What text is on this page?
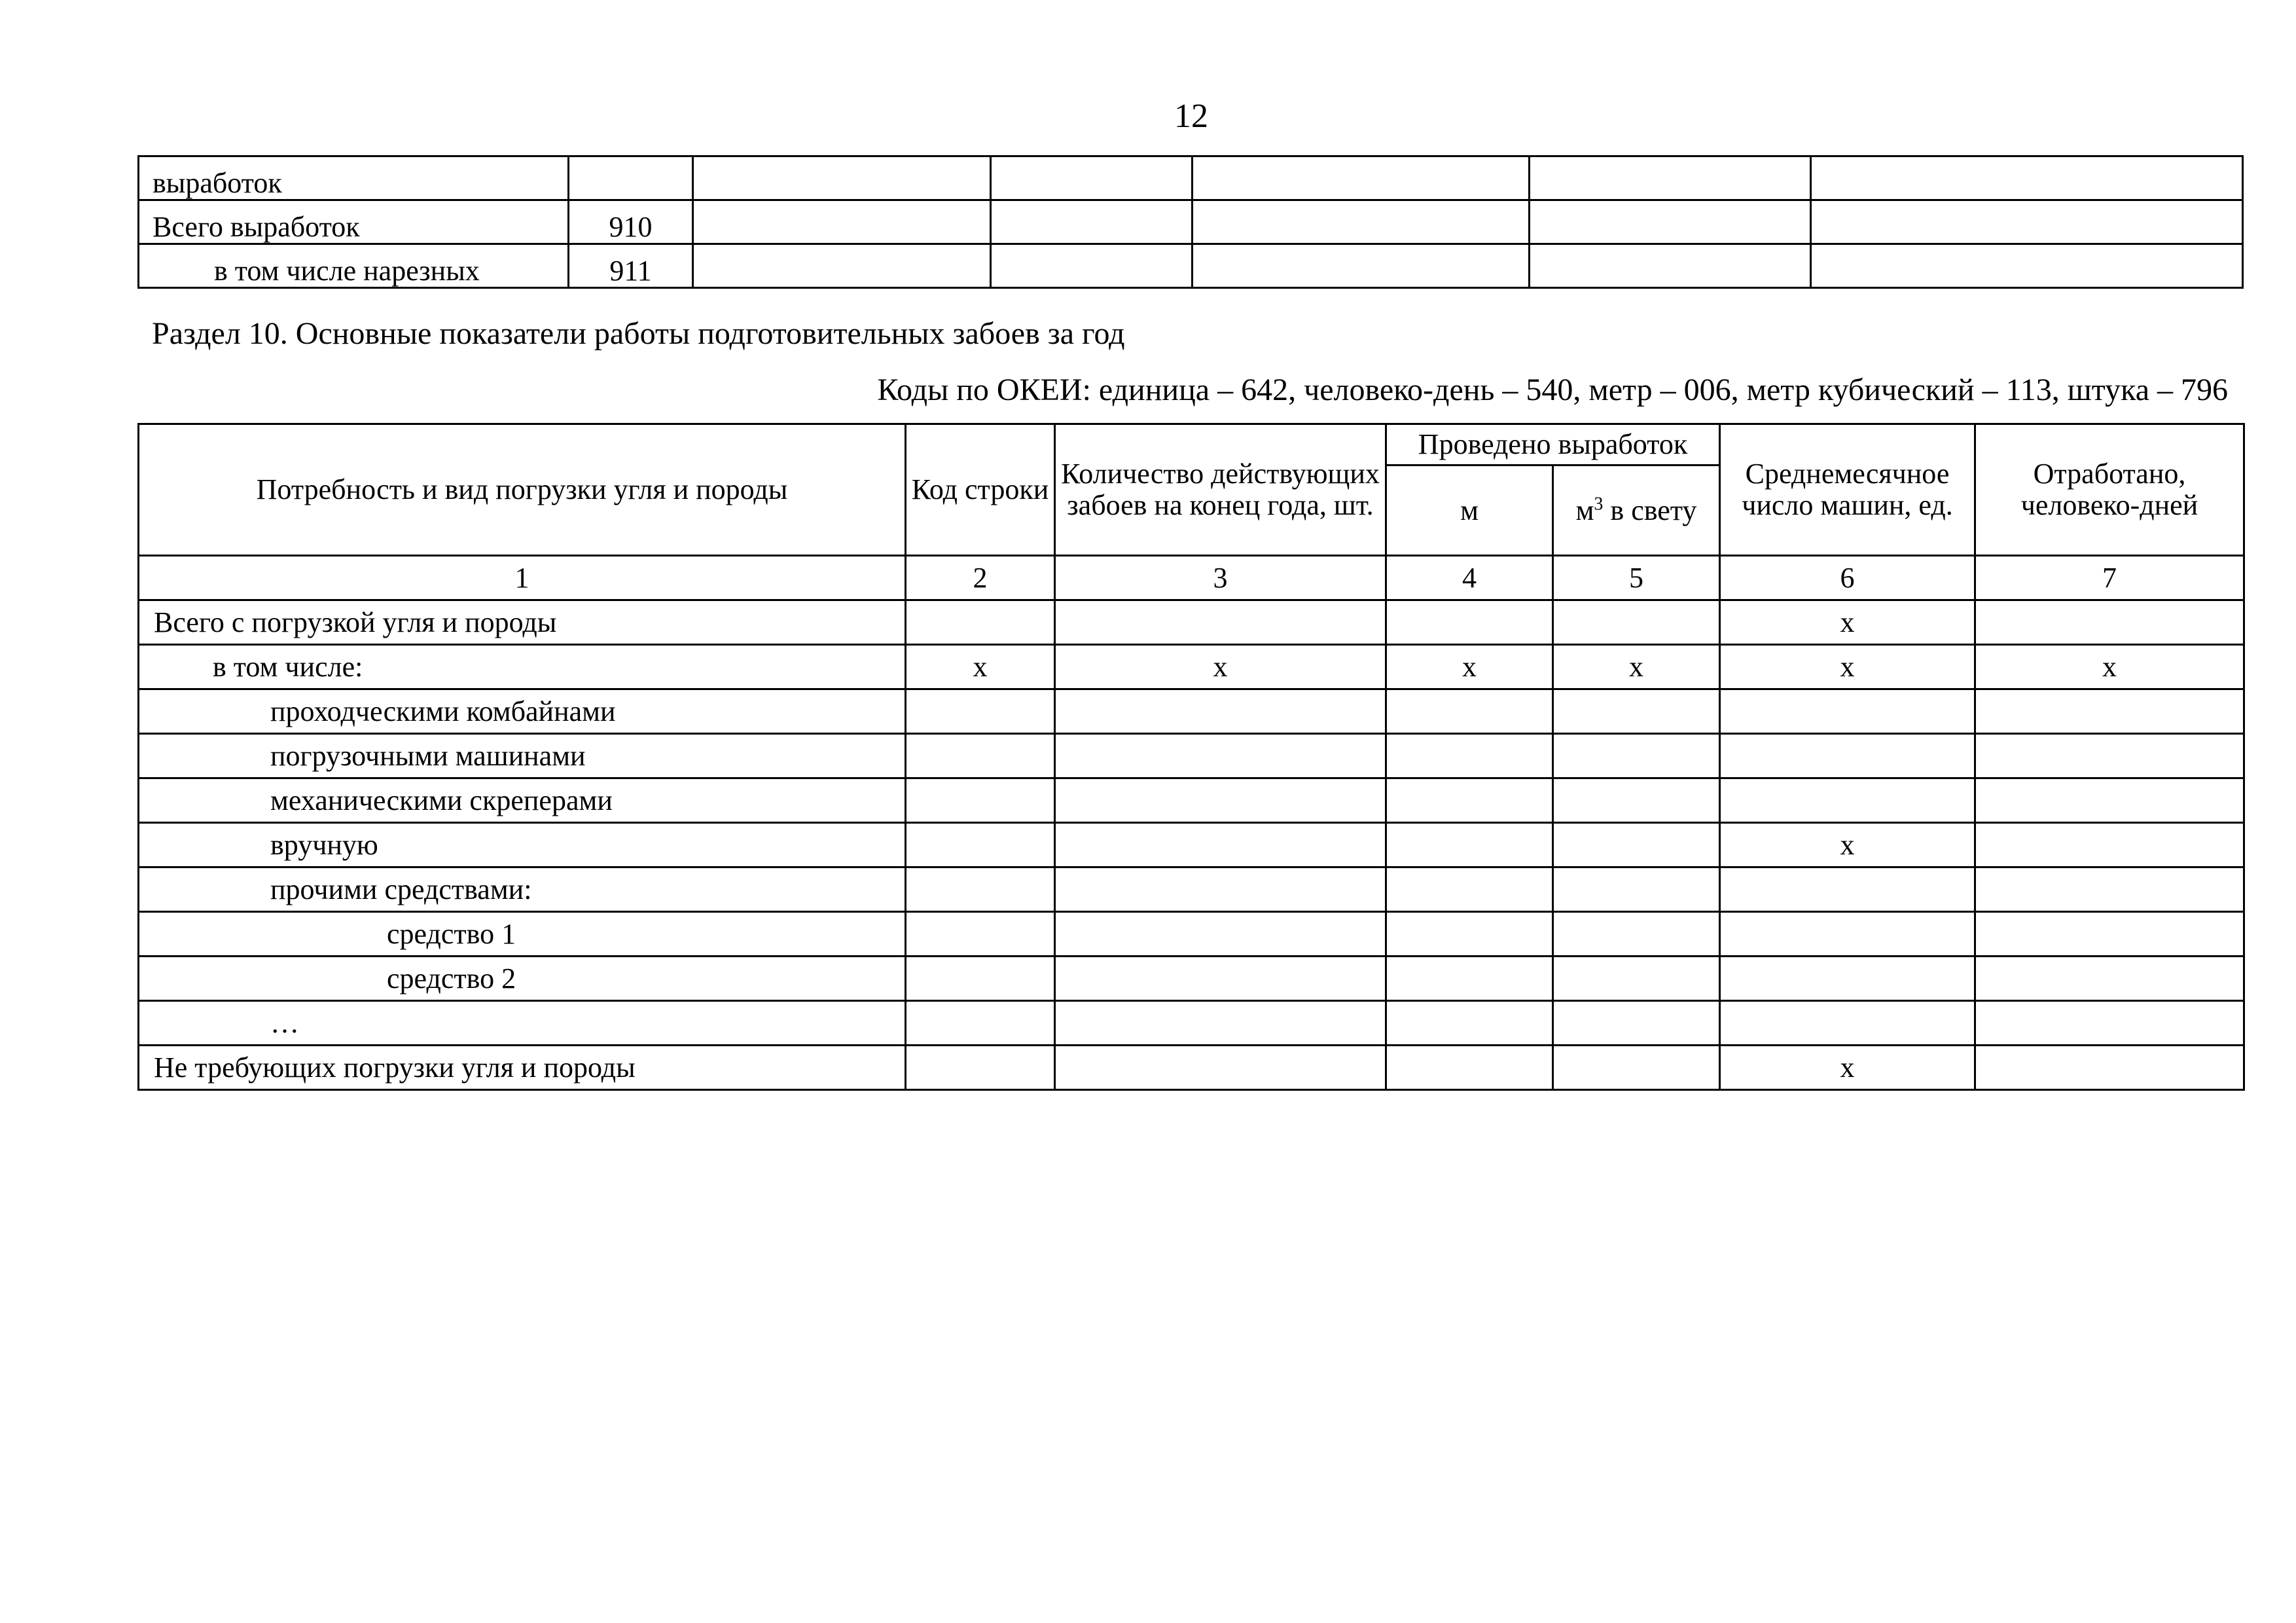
12
выработок						
Всего выработок	910					
в том числе нарезных	911					
Раздел 10. Основные показатели работы подготовительных забоев за год
Коды по ОКЕИ: единица – 642, человеко-день – 540, метр – 006, метр кубический – 113, штука – 796
Потребность и вид погрузки угля и породы	Код строки	Количество действующих забоев на конец года, шт.	Проведено выработок		Среднемесячное число машин, ед.	Отработано, человеко-дней
			м	$м^3$ в свету		
1	2	3	4	5	6	7
Всего с погрузкой угля и породы					x	
в том числе:	x	x	x	x	x	x
проходческими комбайнами						
погрузочными машинами						
механическими скреперами						
вручную					x	
прочими средствами:						
средство 1						
средство 2						
…						
Не требующих погрузки угля и породы					x	
